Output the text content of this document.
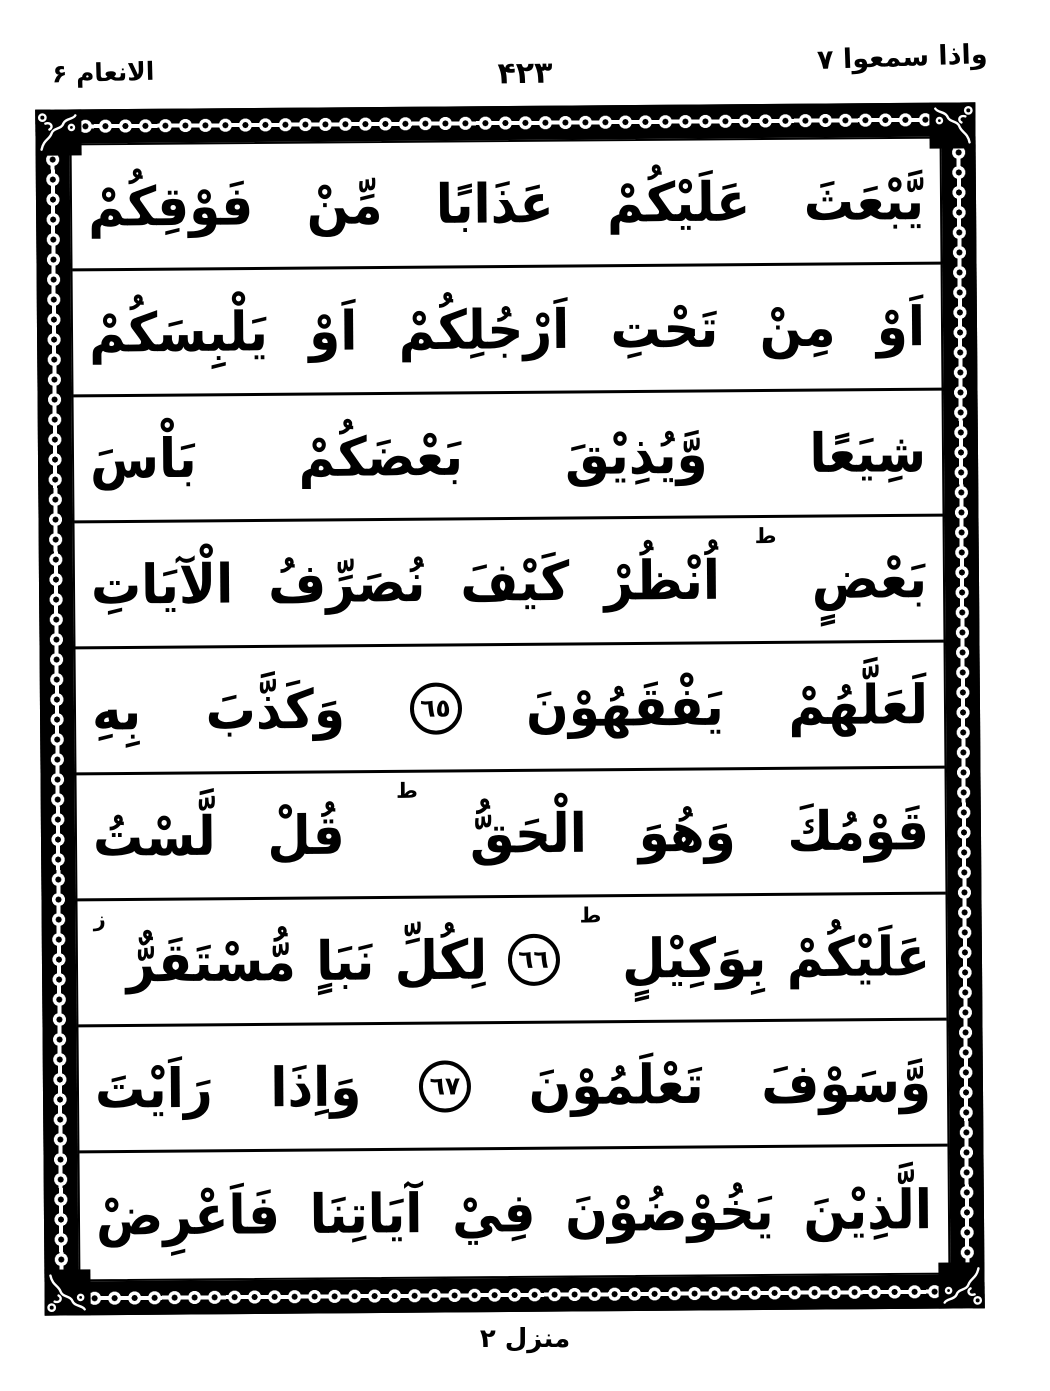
الانعام ۶	۴۲۳	واذا سمعوا ۷
يَّبْعَثَ
عَلَيْكُمْ
عَذَابًا
مِّنْ
فَوْقِكُمْ
اَوْ
مِنْ
تَحْتِ
اَرْجُلِكُمْ
اَوْ
يَلْبِسَكُمْ
شِيَعًا
وَّيُذِيْقَ
بَعْضَكُمْ
بَاْسَ
بَعْضٍ
ط
اُنْظُرْ
كَيْفَ
نُصَرِّفُ
الْآيَاتِ
لَعَلَّهُمْ
يَفْقَهُوْنَ
٦٥
وَكَذَّبَ
بِهِ
قَوْمُكَ
وَهُوَ
الْحَقُّ
ط
قُلْ
لَّسْتُ
عَلَيْكُمْ
بِوَكِيْلٍ
ط
٦٦
لِكُلِّ
نَبَاٍ
مُّسْتَقَرٌّ
ز
وَّسَوْفَ
تَعْلَمُوْنَ
٦٧
وَاِذَا
رَاَيْتَ
الَّذِيْنَ
يَخُوْضُوْنَ
فِيْ
آيَاتِنَا
فَاَعْرِضْ
منزل ۲
